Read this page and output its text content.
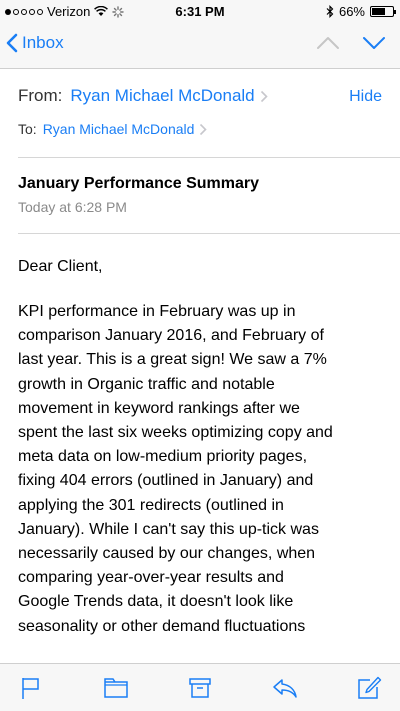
Verizon	6:31 PM	66%
Inbox
From: Ryan Michael McDonald	Hide
To: Ryan Michael McDonald
January Performance Summary
Today at 6:28 PM
Dear Client,
KPI performance in February was up in
comparison January 2016, and February of
last year. This is a great sign! We saw a 7%
growth in Organic traffic and notable
movement in keyword rankings after we
spent the last six weeks optimizing copy and
meta data on low-medium priority pages,
fixing 404 errors (outlined in January) and
applying the 301 redirects (outlined in
January). While I can't say this up-tick was
necessarily caused by our changes, when
comparing year-over-year results and
Google Trends data, it doesn't look like
seasonality or other demand fluctuations
